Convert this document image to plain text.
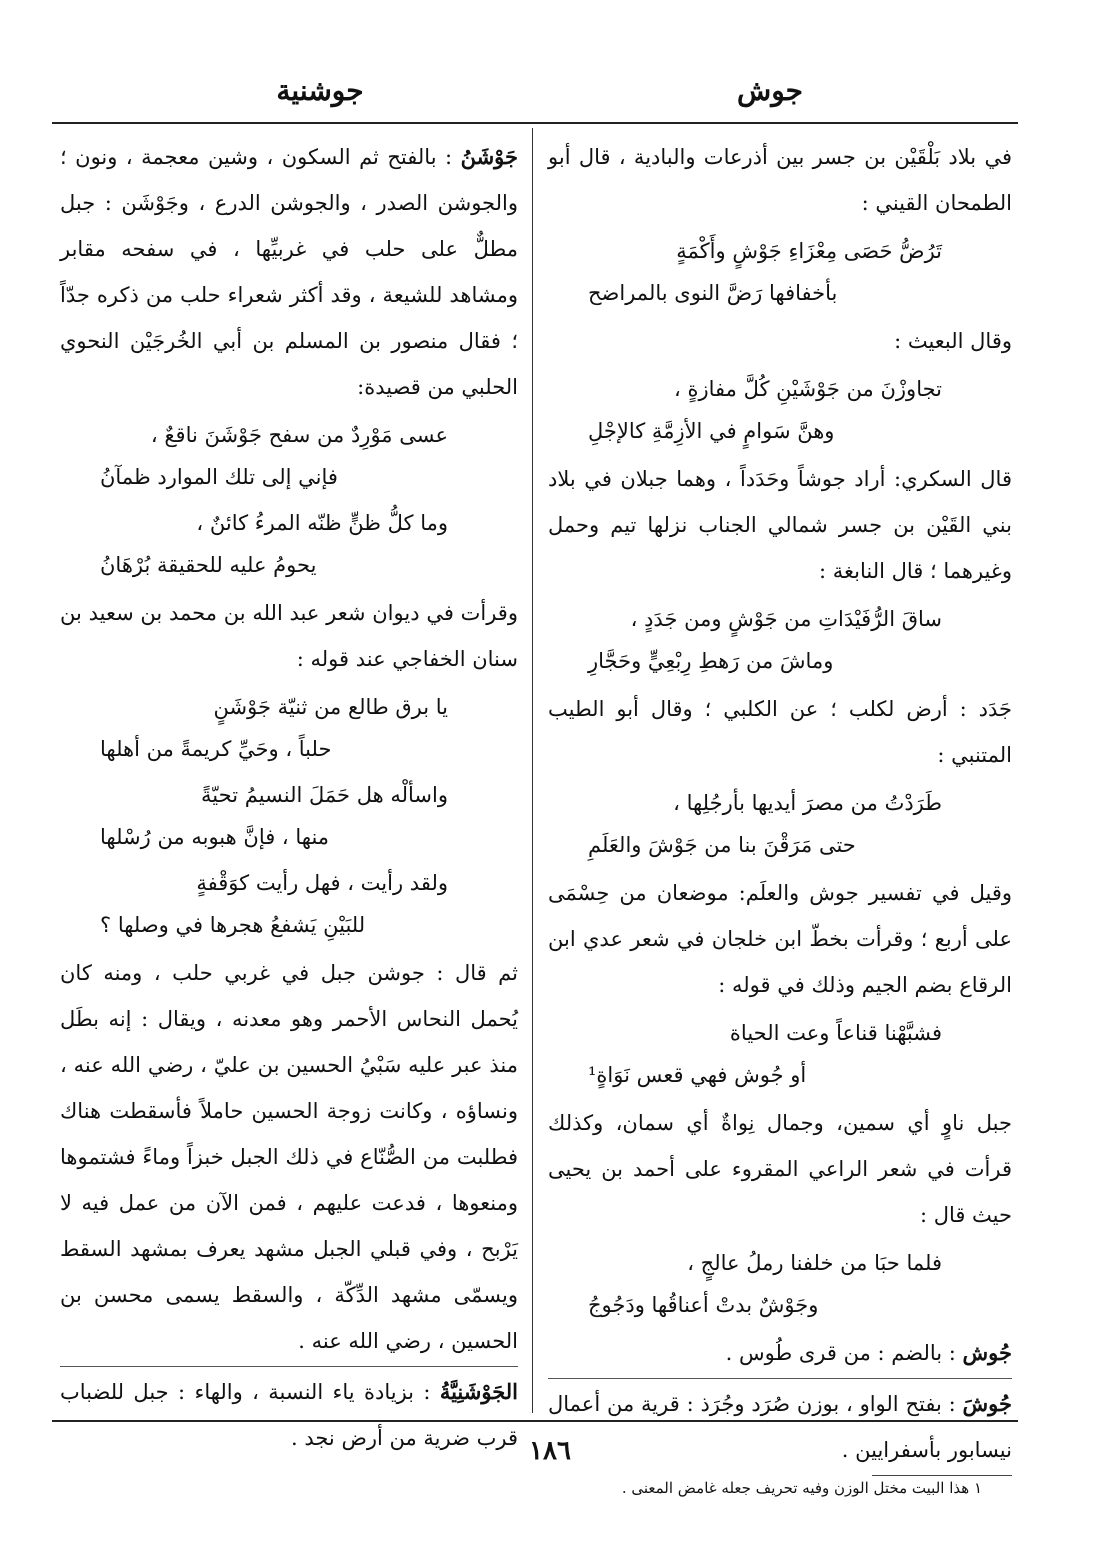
جوش
جوشنية

في بلاد بَلْقَيْن بن جسر بين أذرعات والبادية ، قال أبو الطمحان القيني :

تَرُضُّ حَصَى مِعْزَاءِ جَوْشٍ وأَكْمَةٍ
بأخفافها رَضَّ النوى بالمراضح

وقال البعيث :

تجاوزْنَ من جَوْشَيْنِ كُلَّ مفازةٍ ،
وهنَّ سَوامٍ في الأزِمَّةِ كالإجْلِ

قال السكري: أراد جوشاً وحَدَداً ، وهما جبلان في بلاد بني القَيْن بن جسر شمالي الجناب نزلها تيم وحمل وغيرهما ؛ قال النابغة :

ساقَ الرُّفَيْدَاتِ من جَوْشٍ ومن جَدَدٍ ،
وماشَ من رَهطِ رِبْعِيٍّ وحَجَّارِ

جَدَد : أرض لكلب ؛ عن الكلبي ؛ وقال أبو الطيب المتنبي :

طَرَدْتُ من مصرَ أيديها بأرجُلِها ،
حتى مَرَقْنَ بنا من جَوْشَ والعَلَمِ

وقيل في تفسير جوش والعلَم: موضعان من حِسْمَى على أربع ؛ وقرأت بخطّ ابن خلجان في شعر عدي ابن الرقاع بضم الجيم وذلك في قوله :

فشبَّهْنا قناعاً وعت الحياة
أو جُوش فهي قعس نَوَاةٍ¹

جبل ناوٍ أي سمين، وجمال نِواةٌ أي سمان، وكذلك قرأت في شعر الراعي المقروء على أحمد بن يحيى حيث قال :

فلما حبَا من خلفنا رملُ عالجٍ ،
وجَوْشٌ بدتْ أعناقُها ودَجُوجُ

جُوش : بالضم : من قرى طُوس .

جُوشَ : بفتح الواو ، بوزن صُرَد وجُرَذ : قرية من أعمال نيسابور بأسفرايين .

١ هذا البيت مختل الوزن وفيه تحريف جعله غامض المعنى .

جَوْشَنُ : بالفتح ثم السكون ، وشين معجمة ، ونون ؛ والجوشن الصدر ، والجوشن الدرع ، وجَوْشَن : جبل مطلٌّ على حلب في غربيِّها ، في سفحه مقابر ومشاهد للشيعة ، وقد أكثر شعراء حلب من ذكره جدّاً ؛ فقال منصور بن المسلم بن أبي الخُرجَيْن النحوي الحلبي من قصيدة:

عسى مَوْرِدٌ من سفح جَوْشَنَ ناقعٌ ،
فإني إلى تلك الموارد ظمآنُ
وما كلُّ ظنٍّ ظنّه المرءُ كائنٌ ،
يحومُ عليه للحقيقة بُرْهَانُ

وقرأت في ديوان شعر عبد الله بن محمد بن سعيد بن سنان الخفاجي عند قوله :

يا برق طالع من ثنيّة جَوْشَنٍ
حلباً ، وحَيِّ كريمةً من أهلها
واسألْه هل حَمَلَ النسيمُ تحيّةً
منها ، فإنَّ هبوبه من رُسْلها
ولقد رأيت ، فهل رأيت كوَقْفةٍ
للبَيْنِ يَشفعُ هجرها في وصلها ؟

ثم قال : جوشن جبل في غربي حلب ، ومنه كان يُحمل النحاس الأحمر وهو معدنه ، ويقال : إنه بطَل منذ عبر عليه سَبْيُ الحسين بن عليّ ، رضي الله عنه ، ونساؤه ، وكانت زوجة الحسين حاملاً فأسقطت هناك فطلبت من الصُّنّاع في ذلك الجبل خبزاً وماءً فشتموها ومنعوها ، فدعت عليهم ، فمن الآن من عمل فيه لا يَرْبح ، وفي قبلي الجبل مشهد يعرف بمشهد السقط ويسمّى مشهد الدِّكّة ، والسقط يسمى محسن بن الحسين ، رضي الله عنه .

الجَوْشَنِيَّةُ : بزيادة ياء النسبة ، والهاء : جبل للضباب قرب ضرية من أرض نجد . ١٨٦
